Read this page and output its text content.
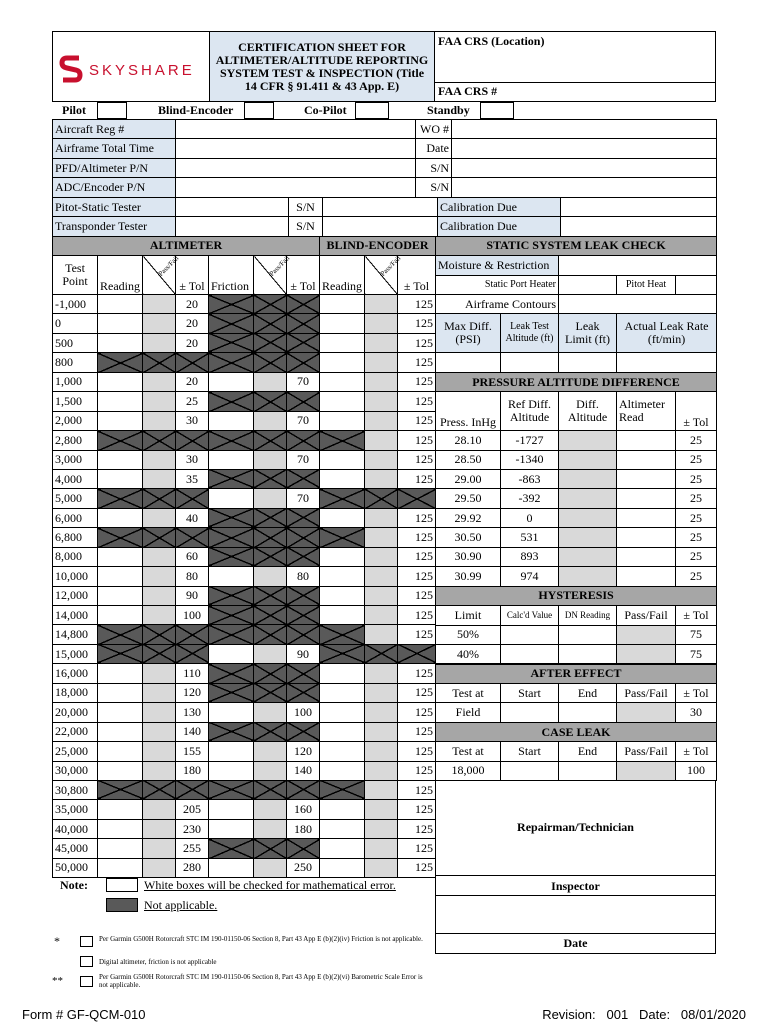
SKYSHARE
CERTIFICATION SHEET FOR ALTIMETER/ALTITUDE REPORTING SYSTEM TEST & INSPECTION (Title 14 CFR § 91.411 & 43 App. E)
FAA CRS (Location)
FAA CRS #
Pilot	Blind-Encoder	Co-Pilot	Standby
Aircraft Reg #		WO #	
Airframe Total Time		Date	
PFD/Altimeter P/N		S/N	
ADC/Encoder P/N		S/N	
Pitot-Static Tester		S/N		Calibration Due	
Transponder Tester		S/N		Calibration Due	
ALTIMETER							BLIND-ENCODER		
Test Point	Reading	Pass/Fail	± Tol	Friction	Pass/Fail	± Tol	Reading	Pass/Fail	± Tol
-1,000			20						125
0			20						125
500			20						125
800									125
1,000			20			70			125
1,500			25						125
2,000			30			70			125
2,800									125
3,000			30			70			125
4,000			35						125
5,000						70			
6,000			40						125
6,800									125
8,000			60						125
10,000			80			80			125
12,000			90						125
14,000			100						125
14,800									125
15,000						90			
16,000			110						125
18,000			120						125
20,000			130			100			125
22,000			140						125
25,000			155			120			125
30,000			180			140			125
30,800									125
35,000			205			160			125
40,000			230			180			125
45,000			255						125
50,000			280			250			125
STATIC SYSTEM LEAK CHECK				
Moisture & Restriction				
Static Port Heater			Pitot Heat	
Airframe Contours				
Max Diff. (PSI)	Leak Test Altitude (ft)	Leak Limit (ft)	Actual Leak Rate (ft/min)	

PRESSURE ALTITUDE DIFFERENCE				
Press. InHg	Ref Diff. Altitude	Diff. Altitude	Altimeter Read	± Tol
28.10	-1727			25
28.50	-1340			25
29.00	-863			25
29.50	-392			25
29.92	0			25
30.50	531			25
30.90	893			25
30.99	974			25
HYSTERESIS				
Limit	Calc'd Value	DN Reading	Pass/Fail	± Tol
50%				75
40%				75
AFTER EFFECT				
Test at	Start	End	Pass/Fail	± Tol
Field				30
CASE LEAK				
Test at	Start	End	Pass/Fail	± Tol
18,000				100
Repairman/Technician
Inspector
Date
Note:	White boxes will be checked for mathematical error.
Not applicable.
*	Per Garmin G500H Rotorcraft STC IM 190-01150-06 Section 8, Part 43 App E (b)(2)(iv) Friction is not applicable.
Digital altimeter, friction is not applicable
**	Per Garmin G500H Rotorcraft STC IM 190-01150-06 Section 8, Part 43 App E (b)(2)(vi) Barometric Scale Error is not applicable.
Form # GF-QCM-010	Revision:   001   Date:   08/01/2020
